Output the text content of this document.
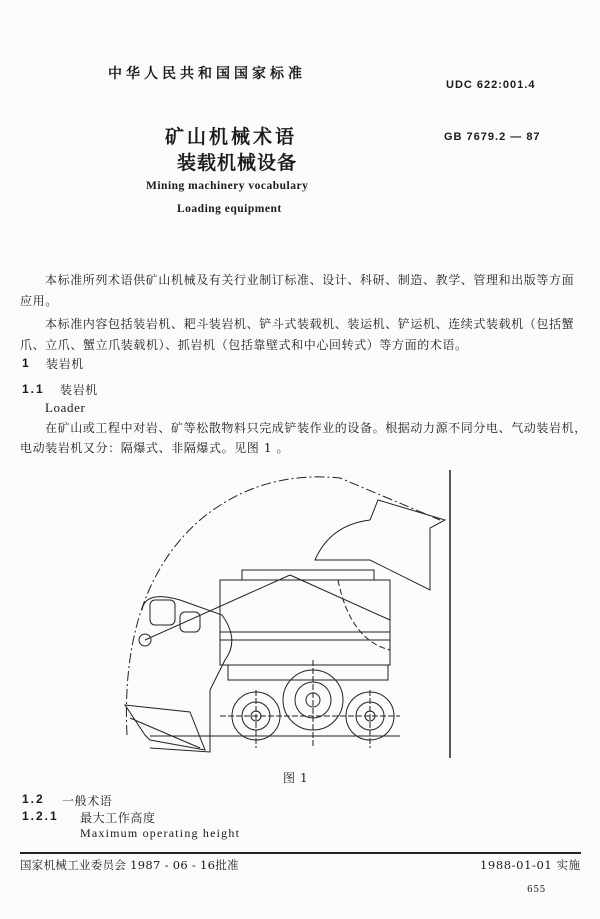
中华人民共和国国家标准
UDC 622:001.4
矿山机械术语	GB 7679.2 — 87
装载机械设备
Mining machinery vocabulary
Loading equipment
本标准所列术语供矿山机械及有关行业制订标准、设计、科研、制造、教学、管理和出版等方面
应用。
本标准内容包括装岩机、耙斗装岩机、铲斗式装载机、装运机、铲运机、连续式装载机（包括蟹
爪、立爪、蟹立爪装载机）、抓岩机（包括靠壁式和中心回转式）等方面的术语。
1 装岩机
1.1 装岩机
Loader
在矿山或工程中对岩、矿等松散物料只完成铲装作业的设备。根据动力源不同分电、气动装岩机，
电动装岩机又分：隔爆式、非隔爆式。见图 1 。
图 1
1.2 一般术语
1.2.1 最大工作高度
Maximum operating height
国家机械工业委员会 1987 - 06 - 16批准	1988-01-01 实施
655
